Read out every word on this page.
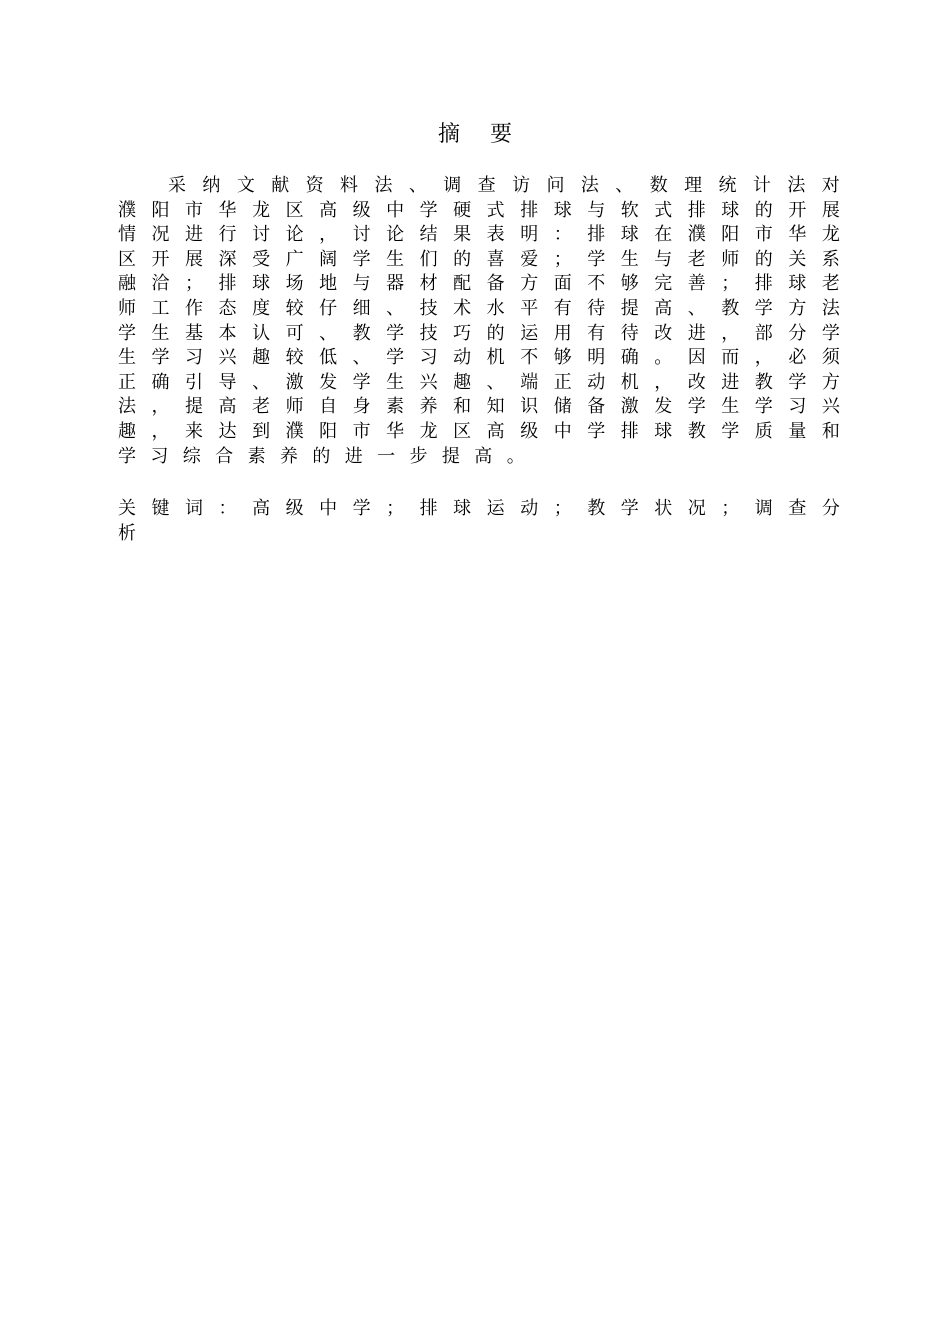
摘要
采 纳 文 献 资 料 法 、 调 查 访 问 法 、 数 理 统 计 法 对
濮 阳 市 华 龙 区 高 级 中 学 硬 式 排 球 与 软 式 排 球 的 开 展
情 况 进 行 讨 论 ， 讨 论 结 果 表 明 ： 排 球 在 濮 阳 市 华 龙
区 开 展 深 受 广 阔 学 生 们 的 喜 爱 ； 学 生 与 老 师 的 关 系
融 洽 ； 排 球 场 地 与 器 材 配 备 方 面 不 够 完 善 ； 排 球 老
师 工 作 态 度 较 仔 细 、 技 术 水 平 有 待 提 高 、 教 学 方 法
学 生 基 本 认 可 、 教 学 技 巧 的 运 用 有 待 改 进 ， 部 分 学
生 学 习 兴 趣 较 低 、 学 习 动 机 不 够 明 确 。 因 而 ， 必 须
正 确 引 导 、 激 发 学 生 兴 趣 、 端 正 动 机 ， 改 进 教 学 方
法 ， 提 高 老 师 自 身 素 养 和 知 识 储 备 激 发 学 生 学 习 兴
趣 ， 来 达 到 濮 阳 市 华 龙 区 高 级 中 学 排 球 教 学 质 量 和
学 习 综 合 素 养 的 进 一 步 提 高 。
关 键 词 ： 高 级 中 学 ； 排 球 运 动 ； 教 学 状 况 ； 调 查 分
析
